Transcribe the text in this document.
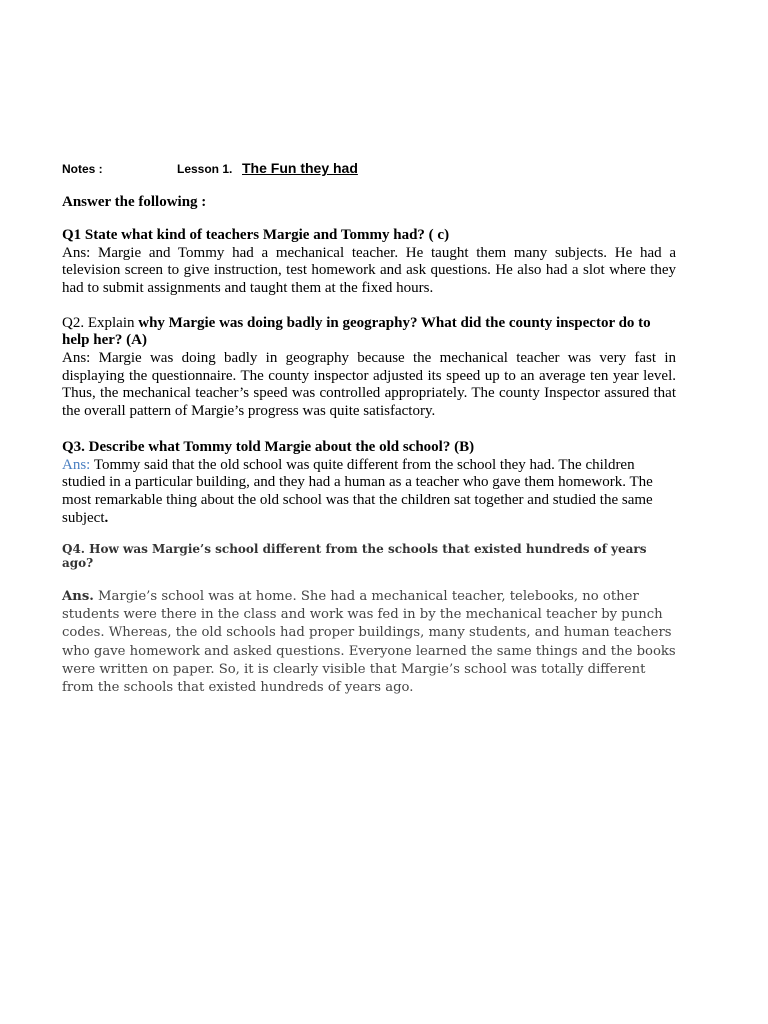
Notes :	Lesson 1. The Fun they had
Answer the following :
Q1 State what kind of teachers Margie and Tommy had? ( c)
Ans: Margie and Tommy had a mechanical teacher. He taught them many subjects. He had a television screen to give instruction, test homework and ask questions. He also had a slot where they had to submit assignments and taught them at the fixed hours.
Q2. Explain why Margie was doing badly in geography? What did the county inspector do to help her? (A)
Ans: Margie was doing badly in geography because the mechanical teacher was very fast in displaying the questionnaire. The county inspector adjusted its speed up to an average ten year level. Thus, the mechanical teacher’s speed was controlled appropriately. The county Inspector assured that the overall pattern of Margie’s progress was quite satisfactory.
Q3. Describe what Tommy told Margie about the old school? (B)
Ans: Tommy said that the old school was quite different from the school they had. The children studied in a particular building, and they had a human as a teacher who gave them homework. The most remarkable thing about the old school was that the children sat together and studied the same subject.
Q4. How was Margie’s school different from the schools that existed hundreds of years ago?
Ans. Margie’s school was at home. She had a mechanical teacher, telebooks, no other students were there in the class and work was fed in by the mechanical teacher by punch codes. Whereas, the old schools had proper buildings, many students, and human teachers who gave homework and asked questions. Everyone learned the same things and the books were written on paper. So, it is clearly visible that Margie’s school was totally different from the schools that existed hundreds of years ago.
